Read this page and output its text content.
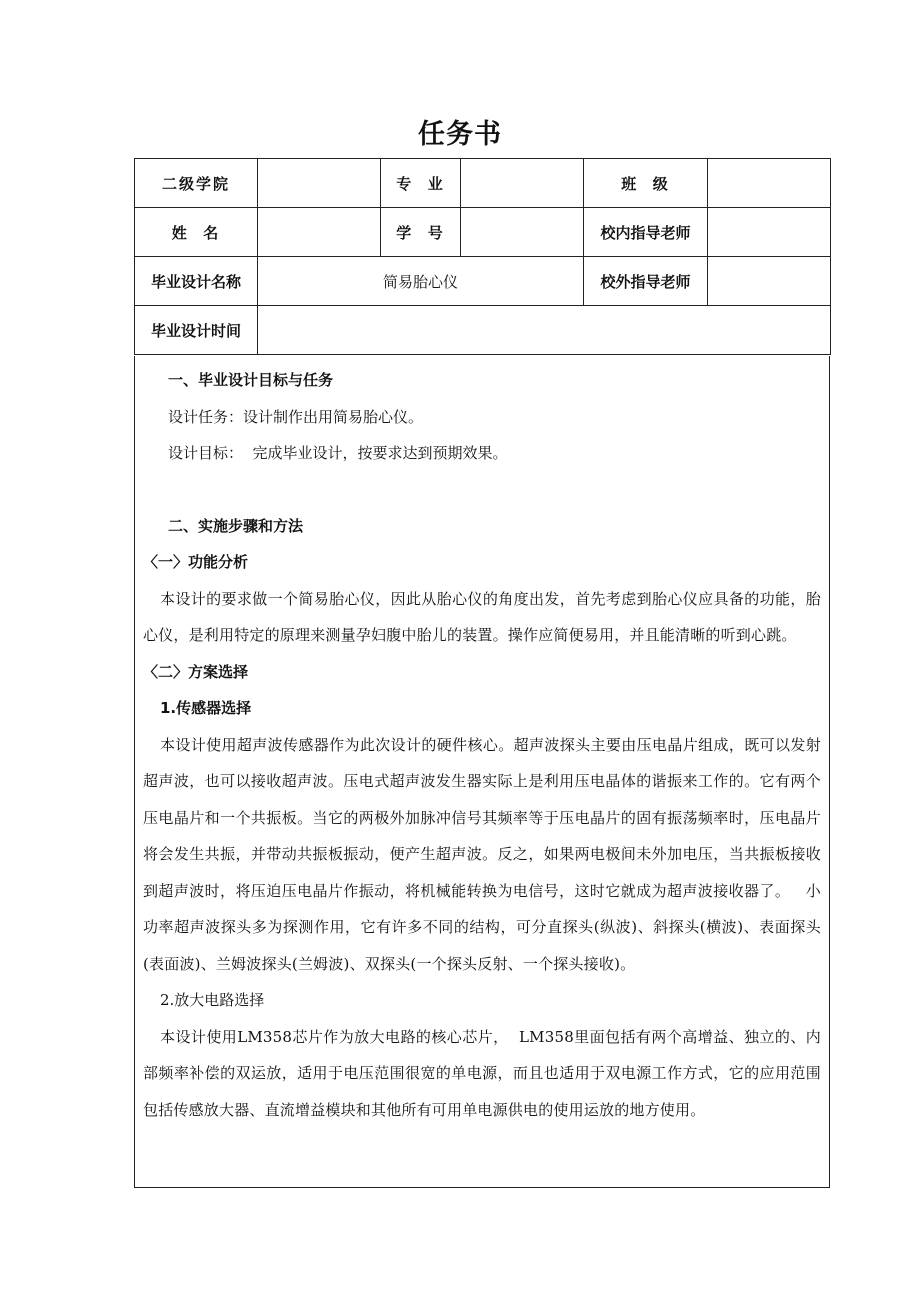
任务书
二级学院		专  业		班  级	
姓  名		学  号		校内指导老师	
毕业设计名称	简易胎心仪			校外指导老师	
毕业设计时间					
一、毕业设计目标与任务
设计任务：设计制作出用简易胎心仪。
设计目标：  完成毕业设计，按要求达到预期效果。
二、实施步骤和方法
〈一〉功能分析
本设计的要求做一个简易胎心仪，因此从胎心仪的角度出发，首先考虑到胎心仪应具备的功能，胎心仪，是利用特定的原理来测量孕妇腹中胎儿的装置。操作应简便易用，并且能清晰的听到心跳。
〈二〉方案选择
1.传感器选择
本设计使用超声波传感器作为此次设计的硬件核心。超声波探头主要由压电晶片组成，既可以发射超声波，也可以接收超声波。压电式超声波发生器实际上是利用压电晶体的谐振来工作的。它有两个压电晶片和一个共振板。当它的两极外加脉冲信号其频率等于压电晶片的固有振荡频率时，压电晶片将会发生共振，并带动共振板振动，便产生超声波。反之，如果两电极间未外加电压，当共振板接收到超声波时，将压迫压电晶片作振动，将机械能转换为电信号，这时它就成为超声波接收器了。   小功率超声波探头多为探测作用，它有许多不同的结构，可分直探头(纵波)、斜探头(横波)、表面探头(表面波)、兰姆波探头(兰姆波)、双探头(一个探头反射、一个探头接收)。
2.放大电路选择
本设计使用LM358芯片作为放大电路的核心芯片，  LM358里面包括有两个高增益、独立的、内部频率补偿的双运放，适用于电压范围很宽的单电源，而且也适用于双电源工作方式，它的应用范围包括传感放大器、直流增益模块和其他所有可用单电源供电的使用运放的地方使用。
